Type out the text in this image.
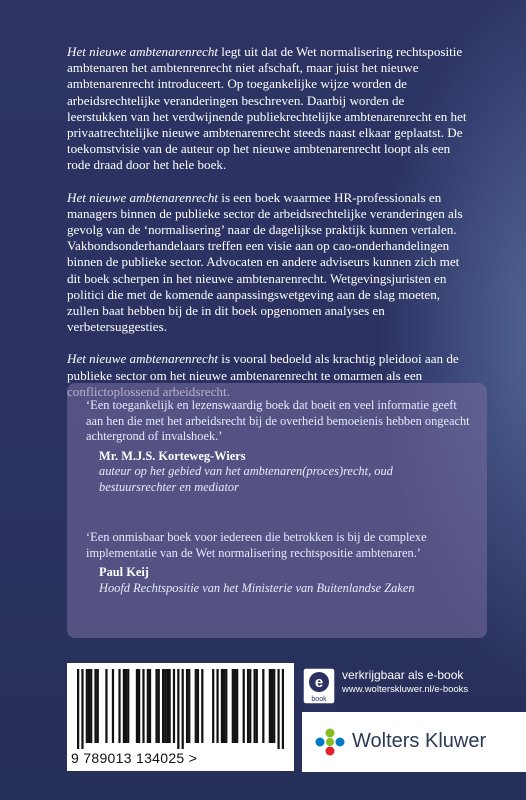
Het nieuwe ambtenarenrecht legt uit dat de Wet normalisering rechtspositie ambtenaren het ambtenrenrecht niet afschaft, maar juist het nieuwe ambtenarenrecht introduceert. Op toegankelijke wijze worden de arbeidsrechtelijke veranderingen beschreven. Daarbij worden de leerstukken van het verdwijnende publiekrechtelijke ambtenarenrecht en het privaatrechtelijke nieuwe ambtenarenrecht steeds naast elkaar geplaatst. De toekomstvisie van de auteur op het nieuwe ambtenarenrecht loopt als een rode draad door het hele boek.

Het nieuwe ambtenarenrecht is een boek waarmee HR-professionals en managers binnen de publieke sector de arbeidsrechtelijke veranderingen als gevolg van de ‘normalisering’ naar de dagelijkse praktijk kunnen vertalen. Vakbondsonderhandelaars treffen een visie aan op cao-onderhandelingen binnen de publieke sector. Advocaten en andere adviseurs kunnen zich met dit boek scherpen in het nieuwe ambtenarenrecht. Wetgevingsjuristen en politici die met de komende aanpassingswetgeving aan de slag moeten, zullen baat hebben bij de in dit boek opgenomen analyses en verbetersuggesties.

Het nieuwe ambtenarenrecht is vooral bedoeld als krachtig pleidooi aan de publieke sector om het nieuwe ambtenarenrecht te omarmen als een

‘Een toegankelijk en lezenswaardig boek dat boeit en veel informatie geeft aan hen die met het arbeidsrecht bij de overheid bemoeienis hebben ongeacht achtergrond of invalshoek.’

Mr. M.J.S. Korteweg-Wiers

auteur op het gebied van het ambtenaren(proces)recht, oud bestuursrechter en mediator

‘Een onmisbaar boek voor iedereen die betrokken is bij de complexe implementatie van de Wet normalisering rechtspositie ambtenaren.’

Paul Keij

Hoofd Rechtspositie van het Ministerie van Buitenlandse Zaken

9 789013 134025 >
e
book
verkrijgbaar als e-book
www.wolterskluwer.nl/e-books
Wolters Kluwer
